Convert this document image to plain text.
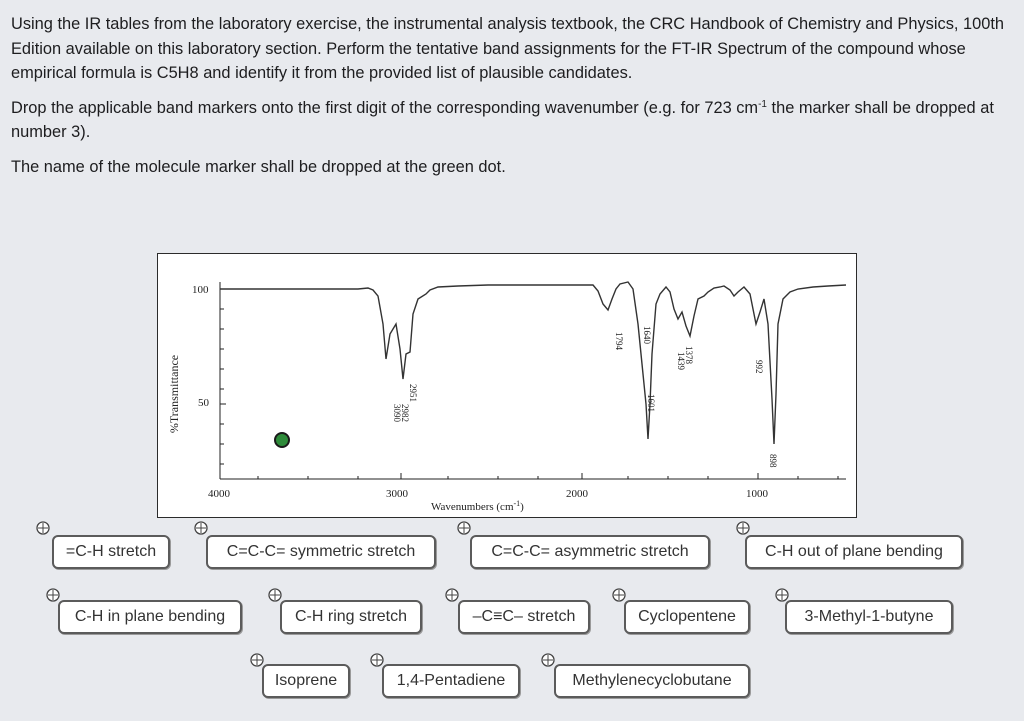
Using the IR tables from the laboratory exercise, the instrumental analysis textbook, the CRC Handbook of Chemistry and Physics, 100th Edition available on this laboratory section. Perform the tentative band assignments for the FT-IR Spectrum of the compound whose empirical formula is C5H8 and identify it from the provided list of plausible candidates.

Drop the applicable band markers onto the first digit of the corresponding wavenumber (e.g. for 723 $cm^{-1}$ the marker shall be dropped at number 3).

The name of the molecule marker shall be dropped at the green dot.

%Transmittance
100
50
4000	3000	2000	1000
Wavenumbers $(cm^{-1})$
3090
2982
2951
1794 1640
1601
1439
1378
992
898
=C-H stretch	C=C-C= symmetric stretch	C=C-C= asymmetric stretch	C-H out of plane bending
C-H in plane bending	C-H ring stretch	–C≡C– stretch	Cyclopentene	3-Methyl-1-butyne
Isoprene	1,4-Pentadiene	Methylenecyclobutane
